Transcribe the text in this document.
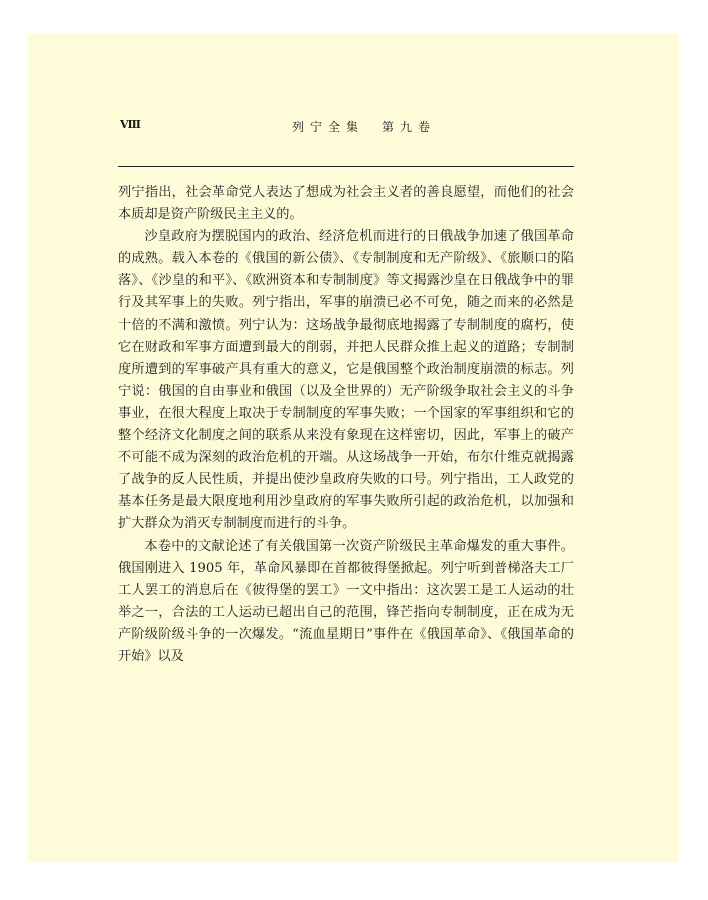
Ⅷ	列宁全集　第九卷

列宁指出，社会革命党人表达了想成为社会主义者的善良愿望，而他们的社会本质却是资产阶级民主主义的。

沙皇政府为摆脱国内的政治、经济危机而进行的日俄战争加速了俄国革命的成熟。载入本卷的《俄国的新公债》、《专制制度和无产阶级》、《旅顺口的陷落》、《沙皇的和平》、《欧洲资本和专制制度》等文揭露沙皇在日俄战争中的罪行及其军事上的失败。列宁指出，军事的崩溃已必不可免，随之而来的必然是十倍的不满和激愤。列宁认为：这场战争最彻底地揭露了专制制度的腐朽，使它在财政和军事方面遭到最大的削弱，并把人民群众推上起义的道路；专制制度所遭到的军事破产具有重大的意义，它是俄国整个政治制度崩溃的标志。列宁说：俄国的自由事业和俄国（以及全世界的）无产阶级争取社会主义的斗争事业，在很大程度上取决于专制制度的军事失败；一个国家的军事组织和它的整个经济文化制度之间的联系从来没有象现在这样密切，因此，军事上的破产不可能不成为深刻的政治危机的开端。从这场战争一开始，布尔什维克就揭露了战争的反人民性质，并提出使沙皇政府失败的口号。列宁指出，工人政党的基本任务是最大限度地利用沙皇政府的军事失败所引起的政治危机，以加强和扩大群众为消灭专制制度而进行的斗争。

本卷中的文献论述了有关俄国第一次资产阶级民主革命爆发的重大事件。俄国刚进入 1905 年，革命风暴即在首都彼得堡掀起。列宁听到普梯洛夫工厂工人罢工的消息后在《彼得堡的罢工》一文中指出：这次罢工是工人运动的壮举之一，合法的工人运动已超出自己的范围，锋芒指向专制制度，正在成为无产阶级阶级斗争的一次爆发。“流血星期日”事件在《俄国革命》、《俄国革命的开始》以及
